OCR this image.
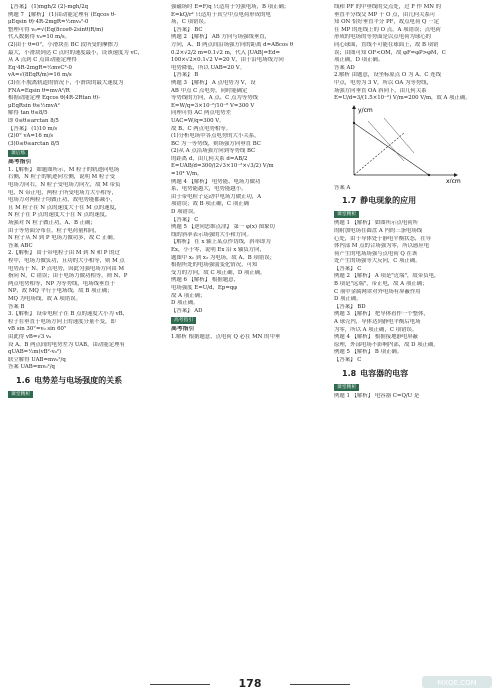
【答案】 (1)mgh/2 (2)-mgh/2q
例题 7 【解析】 (1)由动能定理有 (Eqcos θ-
μEqsin θ)·4R-2mgR=½mv₀²-0
整理可得 v₀=√(Eq(8cosθ-2sinθ)R/m)
代入数据得 v₀=10 m/s。
(2)由于 θ=0°，小滑块在 BC 段所受的摩擦力
最大，小滑块到达 C 点时的速度最小，设该速度为 vC，
从 A 点到 C 点由动能定理得
Eq·4R-2mgR=½mvC²-0
vA=√(8EqR/m)=16 m/s
(3)在不脱离轨道的情况下，小滑块的最大速度为
FNA=Eqsin θ=mvA²/R
根据动能定理 Eqcos θ(4R-2Rtan θ)-
μEqRsin θ≥½mvA²
解得 tan θ≤8/5
即 0≤θ≤arctan 8/5
【答案】 (1)10 m/s
(2)0° vA=16 m/s
(3)0≤θ≤arctan 8/5
课后练
高考指引
1.【解析】 如题图所示，M 粒子的轨迹向电场
右侧，N 粒子的轨迹向左侧，说明 M 粒子受
电场力向右，N 粒子受电场力向左，故 M 带负
电，N 带正电，两粒子所受电场力大小相等，
电场力对两粒子均做正功，故电势能都减小，
且 M 粒子在 N 点的速度大于在 M 点的速度，
N 粒子在 P 点的速度大于在 N 点的速度，
场强对 N 粒子做正功，A、B 正确；
由于等势面分布在，粒子电荷量相同，
N 粒子从 N 到 P 电场力做功多，故 C 正确。
答案 ABC
2.【解析】 由于带电粒子由 M 到 N 和 P 的过
程中，电场力做负功，且功的大小相等，则 M 点
电势高于 N、P 点电势，因此匀强电场方向由 M
指向 N，C 错误；由于电场力做功相等，则 N、P
两点电势相等，NP 为等势线，电场线垂直于
NP，故 MQ 平行于电场线，故 B 项正确；
MQ 为电场线，故 A 项错误。
答案 B
3.【解析】 设带电粒子在 B 点的速度大小为 vB，
粒子在垂直于电场方向上的速度分量不变，即
vB sin 30°=v₀ sin 60°
由此得 vB=√3 v₀
设 A、B 两点间的电势差为 UAB，由动能定理有
qUAB=½m(vB²-v₀²)
联立解得 UAB=mv₀²/q
答案 UAB=mv₀²/q
1.6 电势差与电场强度的关系
课堂精析
强磁场时 E=F/q 只适用于匀强电场，B 项正确；
E=kQ/r² 只适用于真空中点电荷形成的电
场，C 项错误。
【答案】 BC
例题 2 【解析】 AB 方向与场强线垂直，
方向，A、B 两点间沿场强方向的距离 d=ABcos θ
0.2×√2/2 m=0.1√2 m，代入 |UAB|=Ed=
100×√2×0.1√2 V=20 V，由于沿电场线方向
电势降低，所以 UAB=20 V。
【答案】 B
例题 3 【解析】 A 点电势为 V，设
AB 中点 C 点电势，同时能确定
等势线的方向，A 点、C 点为等势线
E=W/q=3×10⁻⁶/10⁻⁸ V=300 V
同理可得 AC 两点电势差
UAC=W/q=300 V。
故 B、C 两点电势相等。
(1)分析电场中各点电势的大小关系，
BC 为一等势线，则场强方向垂直 BC
(2)从 A 点沿场强方向到等势线 BC
的距离 d，由几何关系 d=AB/2
E=UAB/d=300/(2√3×10⁻²×√3/2) V/m
=10⁴ V/m。
例题 4 【解析】 电势能、电场力做功
系，电势能越大，电势能越小，
由于带电粒子运动中电场力做正功，A
项错误；故 B 项正确，C 项正确
D 项错误。
【答案】 C
例题 5 【逆向思维点津】 第一 φ(x) 图象切
线的斜率表示场强的大小和方向。
【解析】 在 x 轴上某点作切线，斜率即为
Ex，小于零，说明 Ex 沿 x 轴负方向，
题图中 x₁ 到 x₂ 为电场，故 A、B 项错误；
根据所处的电场强弱变化情况，可知
受力的方向，故 C 项正确，D 项正确。
例题 6 【解析】 根据题意，
电场强度 E=U/d，Ep=qφ
故 A 项正确；
D 项正确。
【答案】 AD
高考指引
高考指引
1.解析 根据题意，点电荷 Q 必在 MN 的中垂
线和 PF 的中垂线的交点处，过 F 作 MN 的
垂直平分线交 MP 于 O 点，由几何关系可
知 ON 恰好垂直平分 PF，故点电荷 Q 一定
在 MP 的连线上的 O 点，A 项错误；点电荷
形成的电场的等势面是以点电荷为球心的
同心球面，直线不可能在球面上，故 B 项错
误；由图可知 OF<OM，故 φF=φP>φM，C
项正确，D 项正确。
答案 AD
2.解析 由题意，设坐标原点 O 为 A、C 连线
中点，电势为 3 V，所以 OA 为等势线，
场强方向垂直 OA 斜向下，由几何关系
E=U/d=3/(1.5×10⁻²) V/m=200 V/m，故 A 项正确。
y/cm
x/cm
答案 A
1.7 静电现象的应用
课堂精析
例题 1 【解析】 如图所示点电荷所
的附加电场在圆盘 A 内的三条电场线
心处，由于导体处于静电平衡状态，在导
体内部 M 点的合场强为零，所以感应电
荷产生的电场场强与点电荷 Q 在该
处产生的场强等大反向，C 项正确。
【答案】 C
例题 2 【解析】 A 项是"近端"，故带负电，
B 项是"远端"，带正电，故 A 项正确；
C 项中金属网罩对外电场有屏蔽作用
D 项正确。
【答案】 BD
例题 3 【解析】 把导体看作一个整体，
A 球壳内，导体达到静电平衡后电场
为零，所以 A 项正确，C 项错误。
例题 4 【解析】 根据接地静电屏蔽
原理，外部电场不影响内部，故 D 项正确。
例题 5 【解析】 B 项正确。
【答案】 C
1.8 电容器的电容
课堂精析
例题 1 【解析】 电容器 C=Q/U 是
178	MXQE.COM
